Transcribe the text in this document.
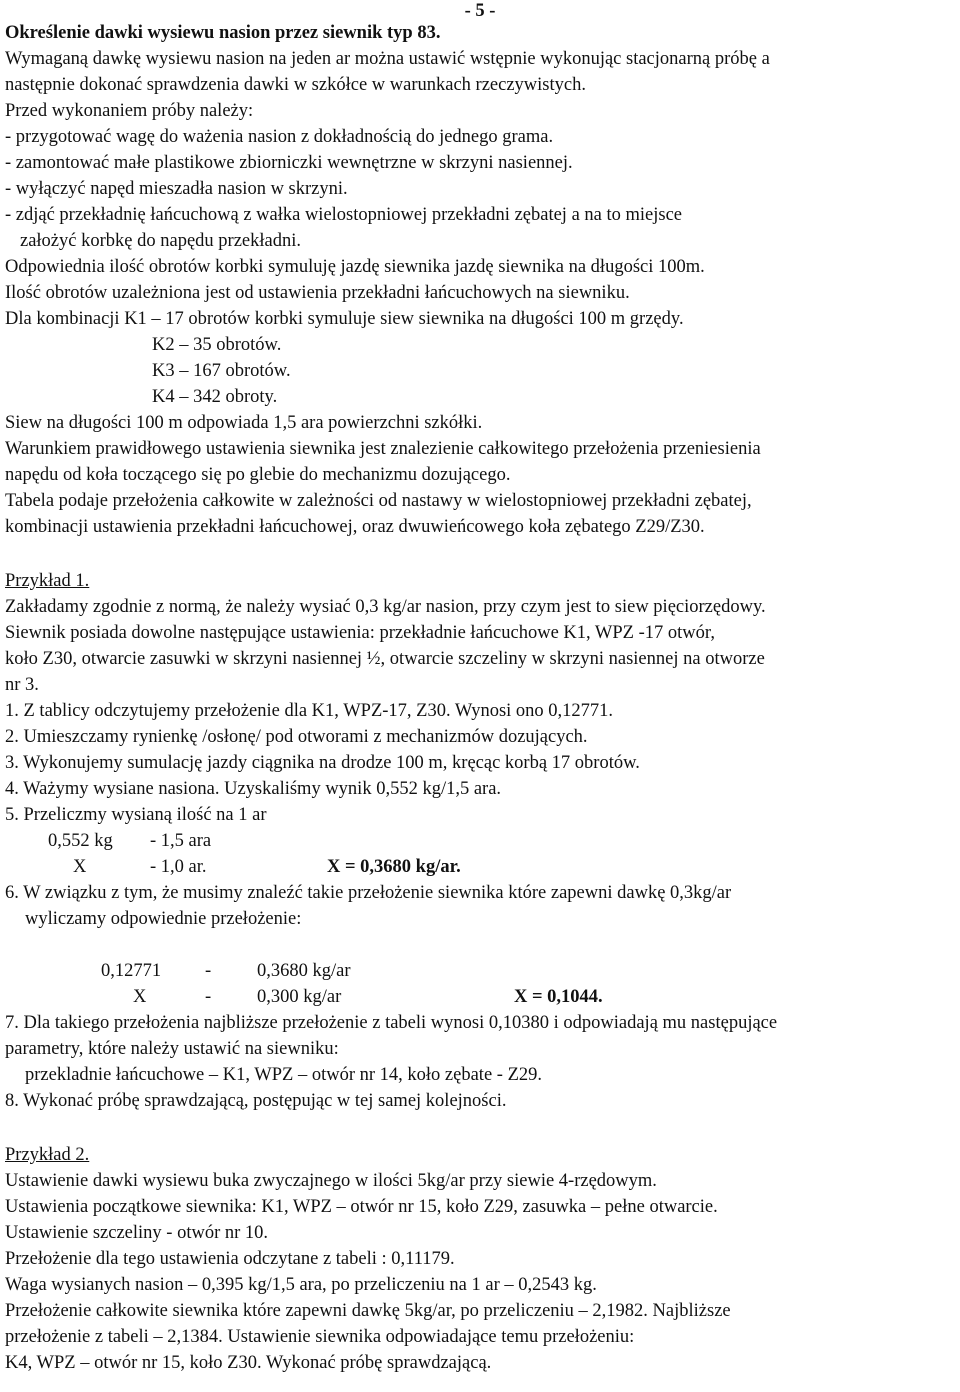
- 5 -
Określenie dawki wysiewu nasion przez siewnik typ 83.
Wymaganą dawkę wysiewu nasion na jeden ar można ustawić wstępnie wykonując stacjonarną próbę a
następnie dokonać sprawdzenia dawki w szkółce w warunkach rzeczywistych.
Przed wykonaniem próby należy:
- przygotować wagę do ważenia nasion z dokładnością do jednego grama.
- zamontować małe plastikowe zbiorniczki wewnętrzne w skrzyni nasiennej.
- wyłączyć napęd mieszadła nasion w skrzyni.
- zdjąć przekładnię łańcuchową z wałka wielostopniowej przekładni zębatej a na to miejsce
założyć korbkę do napędu przekładni.
Odpowiednia ilość obrotów korbki symuluję jazdę siewnika jazdę siewnika na długości 100m.
Ilość obrotów uzależniona jest od ustawienia przekładni łańcuchowych na siewniku.
Dla kombinacji K1 – 17 obrotów korbki symuluje siew siewnika na długości 100 m grzędy.
K2 – 35 obrotów.
K3 – 167 obrotów.
K4 – 342 obroty.
Siew na długości 100 m odpowiada 1,5 ara powierzchni szkółki.
Warunkiem prawidłowego ustawienia siewnika jest znalezienie całkowitego przełożenia przeniesienia
napędu od koła toczącego się po glebie do mechanizmu dozującego.
Tabela podaje przełożenia całkowite w zależności od nastawy w wielostopniowej przekładni zębatej,
kombinacji ustawienia przekładni łańcuchowej, oraz dwuwieńcowego koła zębatego Z29/Z30.
Przykład 1.
Zakładamy zgodnie z normą, że należy wysiać 0,3 kg/ar nasion, przy czym jest to siew pięciorzędowy.
Siewnik posiada dowolne następujące ustawienia: przekładnie łańcuchowe K1, WPZ -17 otwór,
koło Z30, otwarcie zasuwki w skrzyni nasiennej ½, otwarcie szczeliny w skrzyni nasiennej na otworze
nr 3.
1. Z tablicy odczytujemy przełożenie dla K1, WPZ-17, Z30. Wynosi ono 0,12771.
2. Umieszczamy rynienkę /osłonę/ pod otworami z mechanizmów dozujących.
3. Wykonujemy sumulację jazdy ciągnika na drodze 100 m, kręcąc korbą 17 obrotów.
4. Ważymy wysiane nasiona. Uzyskaliśmy wynik 0,552 kg/1,5 ara.
5. Przeliczmy wysianą ilość na 1 ar
0,552 kg - 1,5 ara
X	- 1,0 ar.	X = 0,3680 kg/ar.
6. W związku z tym, że musimy znaleźć takie przełożenie siewnika które zapewni dawkę 0,3kg/ar
wyliczamy odpowiednie przełożenie:
0,12771 - 0,3680 kg/ar
X	- 0,300 kg/ar	X = 0,1044.
7. Dla takiego przełożenia najbliższe przełożenie z tabeli wynosi 0,10380 i odpowiadają mu następujące
parametry, które należy ustawić na siewniku:
przekladnie łańcuchowe – K1, WPZ – otwór nr 14, koło zębate - Z29.
8. Wykonać próbę sprawdzającą, postępując w tej samej kolejności.
Przykład 2.
Ustawienie dawki wysiewu buka zwyczajnego w ilości 5kg/ar przy siewie 4-rzędowym.
Ustawienia początkowe siewnika: K1, WPZ – otwór nr 15, koło Z29, zasuwka – pełne otwarcie.
Ustawienie szczeliny - otwór nr 10.
Przełożenie dla tego ustawienia odczytane z tabeli : 0,11179.
Waga wysianych nasion – 0,395 kg/1,5 ara, po przeliczeniu na 1 ar – 0,2543 kg.
Przełożenie całkowite siewnika które zapewni dawkę 5kg/ar, po przeliczeniu – 2,1982. Najbliższe
przełożenie z tabeli – 2,1384. Ustawienie siewnika odpowiadające temu przełożeniu:
K4, WPZ – otwór nr 15, koło Z30. Wykonać próbę sprawdzającą.
